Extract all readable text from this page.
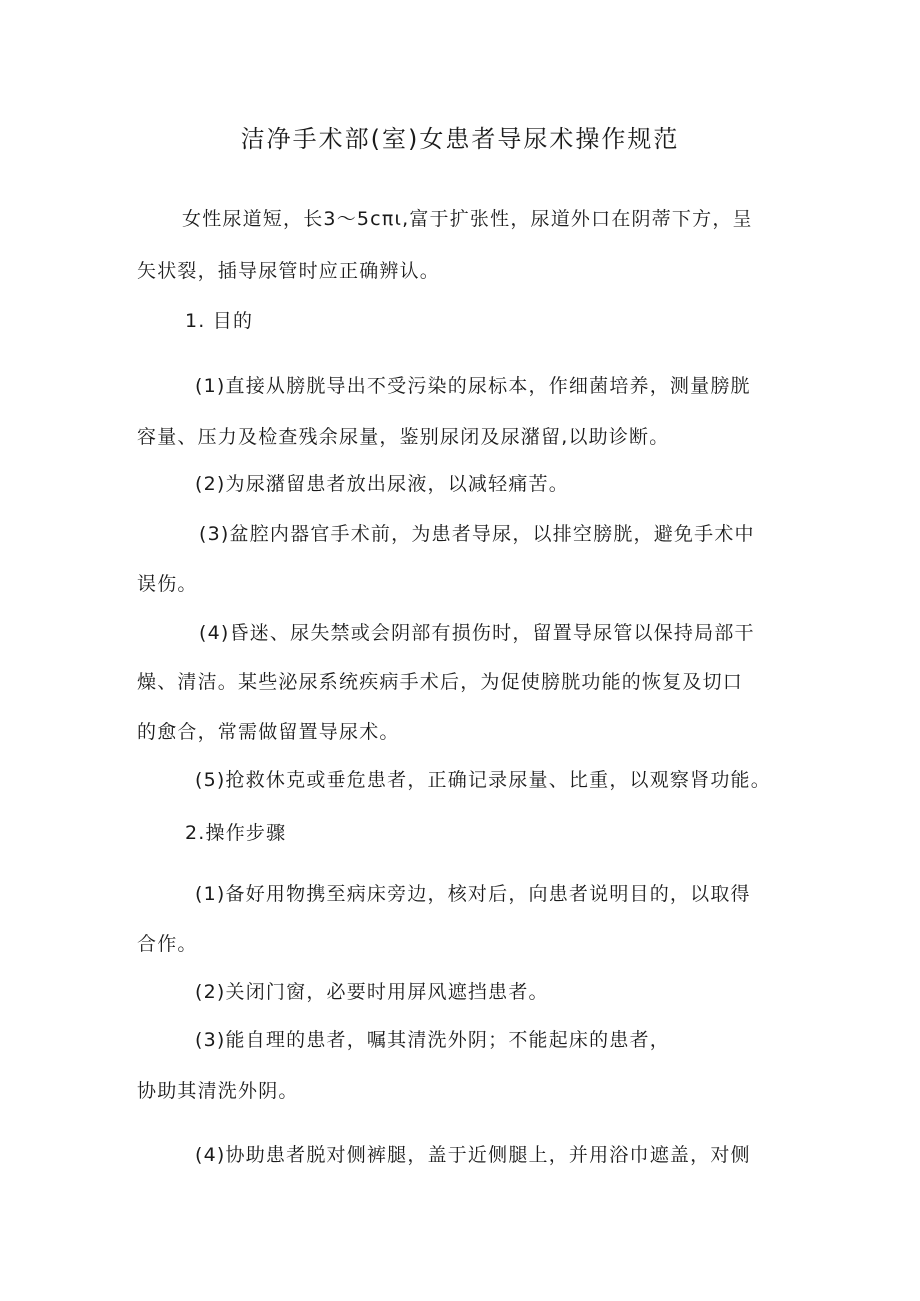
洁净手术部(室)女患者导尿术操作规范
女性尿道短，长3～5cπι,富于扩张性，尿道外口在阴蒂下方，呈
矢状裂，插导尿管时应正确辨认。
1. 目的
(1)直接从膀胱导出不受污染的尿标本，作细菌培养，测量膀胱
容量、压力及检查残余尿量，鉴别尿闭及尿潴留,以助诊断。
(2)为尿潴留患者放出尿液，以减轻痛苦。
(3)盆腔内器官手术前，为患者导尿，以排空膀胱，避免手术中
误伤。
(4)昏迷、尿失禁或会阴部有损伤时，留置导尿管以保持局部干
燥、清洁。某些泌尿系统疾病手术后，为促使膀胱功能的恢复及切口
的愈合，常需做留置导尿术。
(5)抢救休克或垂危患者，正确记录尿量、比重，以观察肾功能。
2.操作步骤
(1)备好用物携至病床旁边，核对后，向患者说明目的，以取得
合作。
(2)关闭门窗，必要时用屏风遮挡患者。
(3)能自理的患者，嘱其清洗外阴；不能起床的患者，
协助其清洗外阴。
(4)协助患者脱对侧裤腿，盖于近侧腿上，并用浴巾遮盖，对侧
